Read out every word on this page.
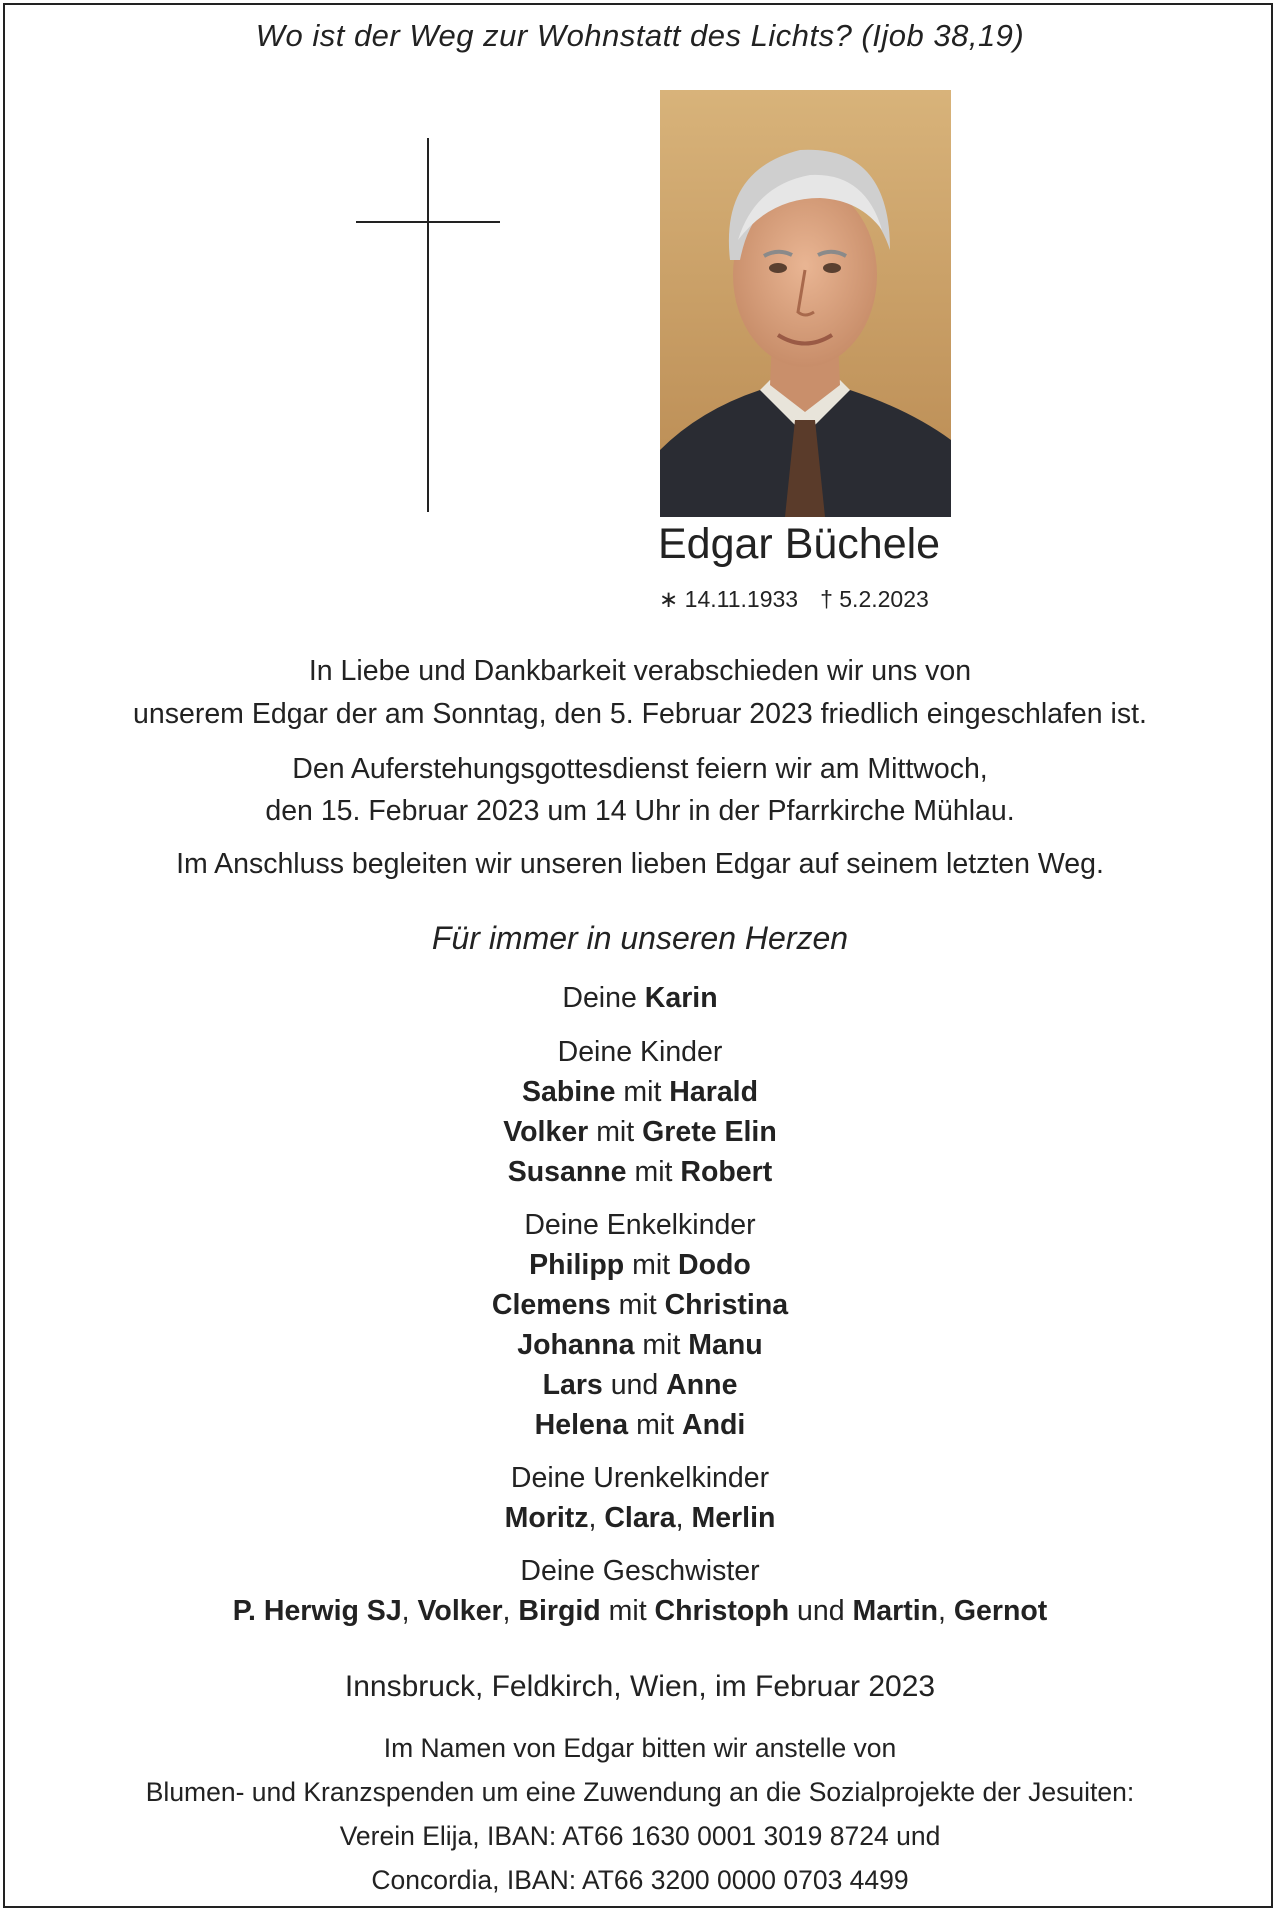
Wo ist der Weg zur Wohnstatt des Lichts? (Ijob 38,19)
Edgar Büchele
∗ 14.11.1933 † 5.2.2023
In Liebe und Dankbarkeit verabschieden wir uns von
unserem Edgar der am Sonntag, den 5. Februar 2023 friedlich eingeschlafen ist.
Den Auferstehungsgottesdienst feiern wir am Mittwoch,
den 15. Februar 2023 um 14 Uhr in der Pfarrkirche Mühlau.
Im Anschluss begleiten wir unseren lieben Edgar auf seinem letzten Weg.
Für immer in unseren Herzen
Deine Karin
Deine Kinder
Sabine mit Harald
Volker mit Grete Elin
Susanne mit Robert
Deine Enkelkinder
Philipp mit Dodo
Clemens mit Christina
Johanna mit Manu
Lars und Anne
Helena mit Andi
Deine Urenkelkinder
Moritz, Clara, Merlin
Deine Geschwister
P. Herwig SJ, Volker, Birgid mit Christoph und Martin, Gernot
Innsbruck, Feldkirch, Wien, im Februar 2023
Im Namen von Edgar bitten wir anstelle von
Blumen- und Kranzspenden um eine Zuwendung an die Sozialprojekte der Jesuiten:
Verein Elija, IBAN: AT66 1630 0001 3019 8724 und
Concordia, IBAN: AT66 3200 0000 0703 4499
